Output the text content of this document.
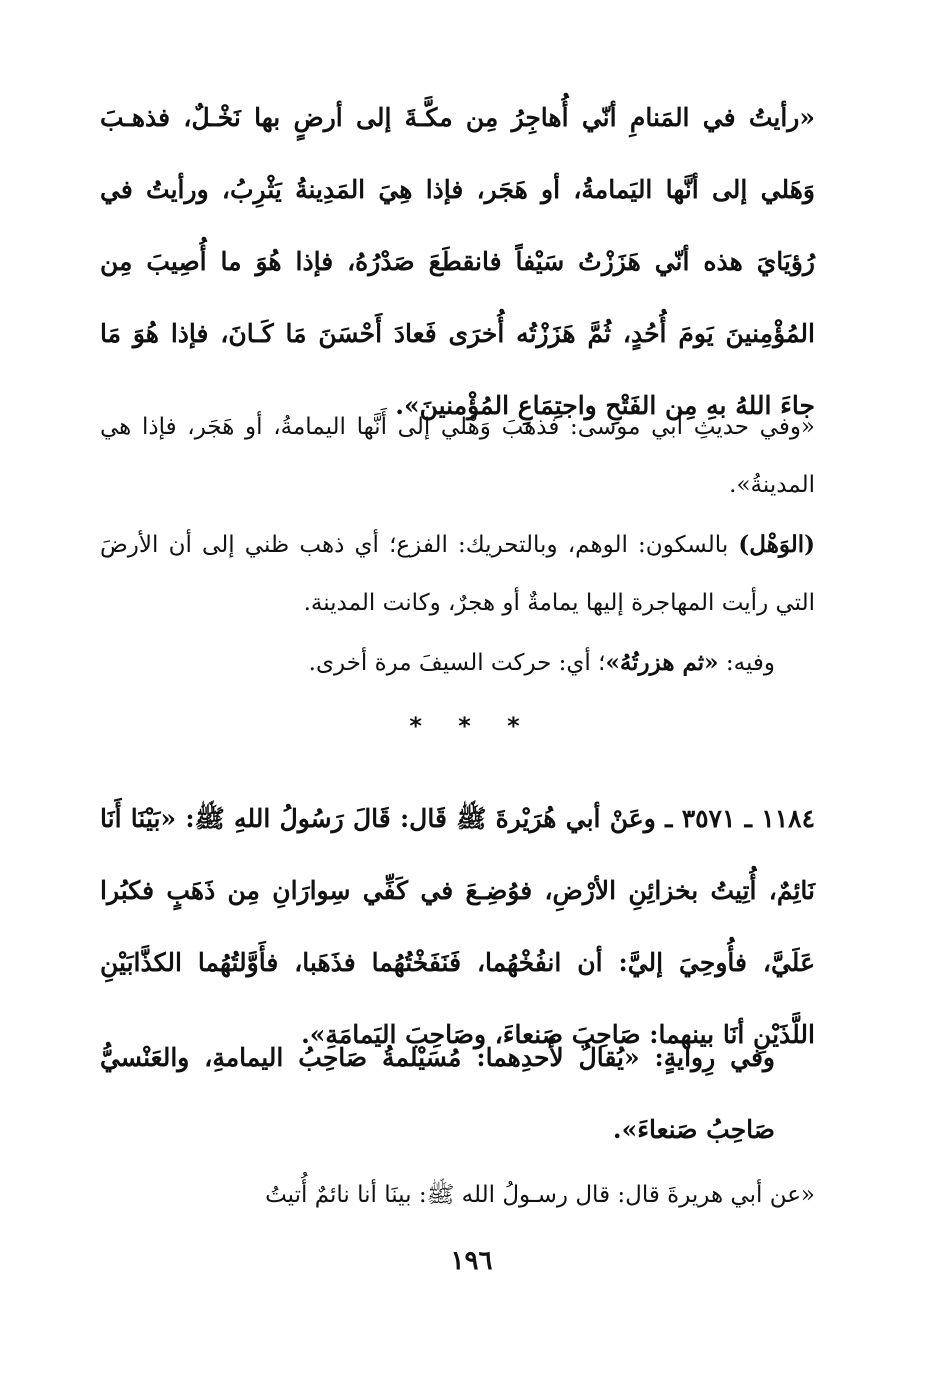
«رأيتُ في المَنامِ أنّي أُهاجِرُ مِن مكَّـةَ إلى أرضٍ بها نَخْـلٌ، فذهـبَ وَهَلي إلى أنَّها اليَمامةُ، أو هَجَر، فإذا هِيَ المَدِينةُ يَثْرِبُ، ورأيتُ في رُؤيَايَ هذه أنّي هَزَزْتُ سَيْفاً فانقطَعَ صَدْرُهُ، فإذا هُوَ ما أُصِيبَ مِن المُؤْمِنينَ يَومَ أُحُدٍ، ثُمَّ هَزَزْتُه أُخرَى فَعادَ أَحْسَنَ مَا كَـانَ، فإذا هُوَ مَا جاءَ اللهُ بهِ مِن الفَتْحِ واجتِمَاعِ المُؤْمنينَ».

«وفي حديثِ أبي موسى: فذهبَ وَهْلي إلى أَنَّها اليمامةُ، أو هَجَر، فإذا هي المدينةُ».

(الوَهْل) بالسكون: الوهم، وبالتحريك: الفزع؛ أي ذهب ظني إلى أن الأرضَ التي رأيت المهاجرة إليها يمامةٌ أو هجرٌ، وكانت المدينة.

وفيه: «ثم هزرتُهُ»؛ أي: حركت السيفَ مرة أخرى.

* * *

١١٨٤ ـ ٣٥٧١ ـ وعَنْ أبي هُرَيْرةَ ﷺ قَال: قَالَ رَسُولُ اللهِ ﷺ: «بَيْنَا أَنَا نَائِمٌ، أُتِيتُ بخزائِنِ الأرْضِ، فوُضِـعَ في كَفِّي سِوارَانِ مِن ذَهَبٍ فكبُرا عَلَيَّ، فأُوحِيَ إليَّ: أن انفُخْهُما، فَنَفَخْتُهُما فذَهَبا، فأَوَّلتُهُما الكذَّابَيْنِ اللَّذَيْنِ أنَا بينهما: صَاحِبَ صَنعاءَ، وصَاحِبَ اليَمامَةِ».

وفي رِوايةٍ: «يُقالُ لأَحدِهما: مُسَيْلمةُ صَاحِبُ اليمامةِ، والعَنْسيُّ صَاحِبُ صَنعاءَ».

«عن أبي هريرةَ قال: قال رسـولُ الله ﷺ: بينَا أنا نائمٌ أُتيتُ

١٩٦
